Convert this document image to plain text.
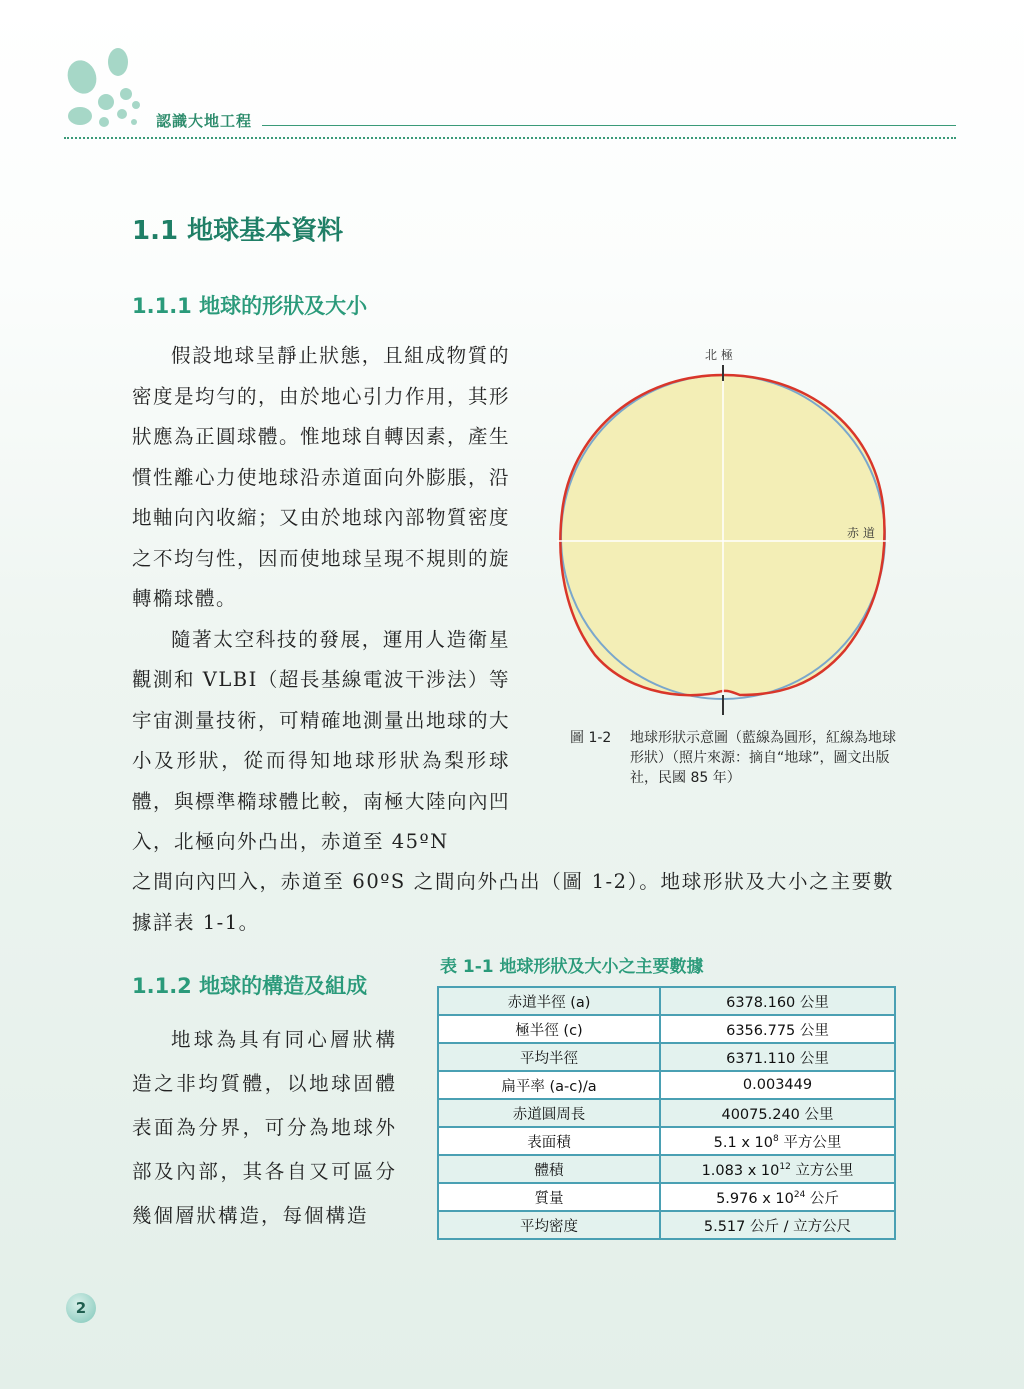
認識大地工程
1.1 地球基本資料
1.1.1 地球的形狀及大小

假設地球呈靜止狀態，且組成物質的密度是均勻的，由於地心引力作用，其形狀應為正圓球體。惟地球自轉因素，產生慣性離心力使地球沿赤道面向外膨脹，沿地軸向內收縮；又由於地球內部物質密度之不均勻性，因而使地球呈現不規則的旋轉橢球體。

隨著太空科技的發展，運用人造衛星觀測和 VLBI（超長基線電波干涉法）等宇宙測量技術，可精確地測量出地球的大小及形狀，從而得知地球形狀為梨形球體，與標準橢球體比較，南極大陸向內凹入，北極向外凸出，赤道至 45ºN

之間向內凹入，赤道至 60ºS 之間向外凸出（圖 1-2）。地球形狀及大小之主要數據詳表 1-1。

北 極
赤 道
圖 1-2 地球形狀示意圖（藍線為圓形，紅線為地球形狀）（照片來源：摘自“地球”，圖文出版社，民國 85 年）
1.1.2 地球的構造及組成

地球為具有同心層狀構造之非均質體，以地球固體表面為分界，可分為地球外部及內部，其各自又可區分幾個層狀構造，每個構造

表 1-1 地球形狀及大小之主要數據
赤道半徑 (a)	6378.160 公里
極半徑 (c)	6356.775 公里
平均半徑	6371.110 公里
扁平率 (a-c)/a	0.003449
赤道圓周長	40075.240 公里
表面積	5.1 x $10^8$ 平方公里
體積	1.083 x $10^{12}$ 立方公里
質量	5.976 x $10^{24}$ 公斤
平均密度	5.517 公斤 / 立方公尺
2
